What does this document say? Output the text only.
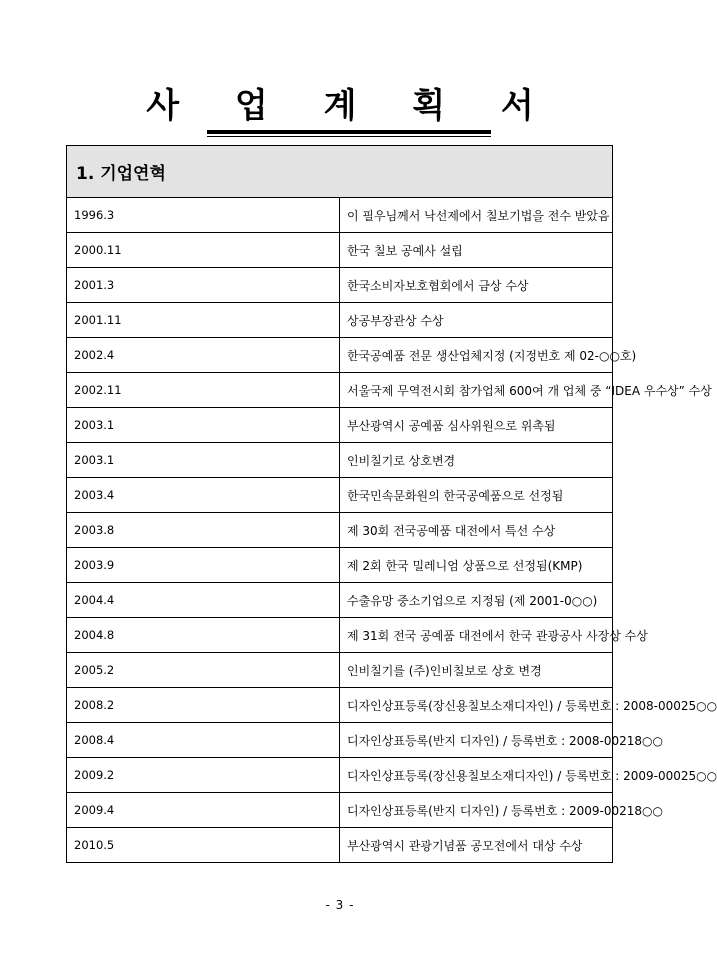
사 업 계 획 서
1. 기업연혁	
1996.3	이 필우님께서 낙선제에서 칠보기법을 전수 받았음
2000.11	한국 칠보 공예사 설립
2001.3	한국소비자보호협회에서 금상 수상
2001.11	상공부장관상 수상
2002.4	한국공예품 전문 생산업체지정 (지정번호 제 02-○○호)
2002.11	서울국제 무역전시회 참가업체 600여 개 업체 중 “IDEA 우수상” 수상
2003.1	부산광역시 공예품 심사위원으로 위촉됨
2003.1	인비칠기로 상호변경
2003.4	한국민속문화원의 한국공예품으로 선정됨
2003.8	제 30회 전국공예품 대전에서 특선 수상
2003.9	제 2회 한국 밀레니엄 상품으로 선정됨(KMP)
2004.4	수출유망 중소기업으로 지정됨 (제 2001-0○○)
2004.8	제 31회 전국 공예품 대전에서 한국 관광공사 사장상 수상
2005.2	인비칠기를 (주)인비칠보로 상호 변경
2008.2	디자인상표등록(장신용칠보소재디자인) / 등록번호 : 2008-00025○○
2008.4	디자인상표등록(반지 디자인) / 등록번호 : 2008-00218○○
2009.2	디자인상표등록(장신용칠보소재디자인) / 등록번호 : 2009-00025○○
2009.4	디자인상표등록(반지 디자인) / 등록번호 : 2009-00218○○
2010.5	부산광역시 관광기념품 공모전에서 대상 수상
- 3 -
